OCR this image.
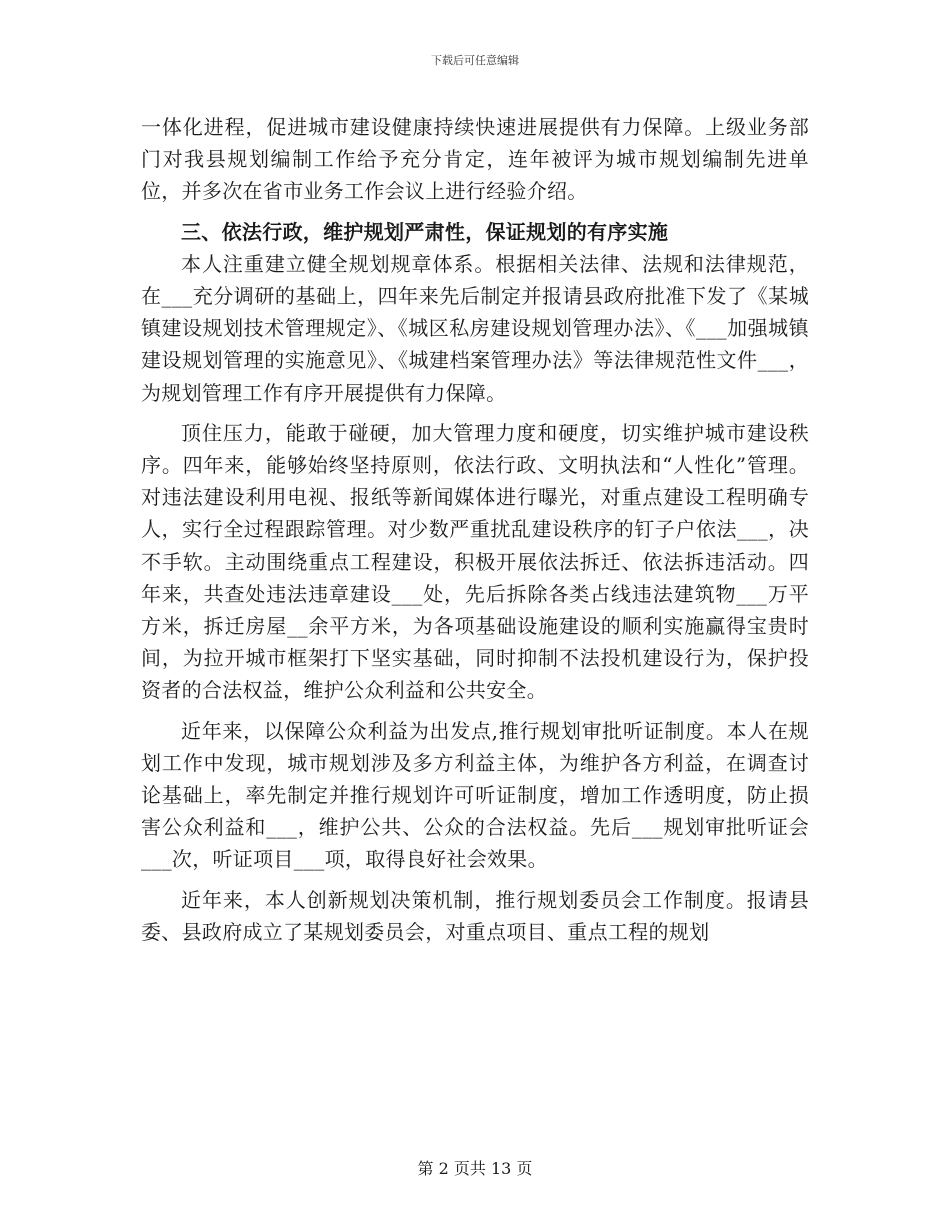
下载后可任意编辑

一体化进程，促进城市建设健康持续快速进展提供有力保障。上级业务部门对我县规划编制工作给予充分肯定，连年被评为城市规划编制先进单位，并多次在省市业务工作会议上进行经验介绍。

三、依法行政，维护规划严肃性，保证规划的有序实施

本人注重建立健全规划规章体系。根据相关法律、法规和法律规范，在___充分调研的基础上，四年来先后制定并报请县政府批准下发了《某城镇建设规划技术管理规定》、《城区私房建设规划管理办法》、《___加强城镇建设规划管理的实施意见》、《城建档案管理办法》等法律规范性文件___，为规划管理工作有序开展提供有力保障。

顶住压力，能敢于碰硬，加大管理力度和硬度，切实维护城市建设秩序。四年来，能够始终坚持原则，依法行政、文明执法和“人性化”管理。对违法建设利用电视、报纸等新闻媒体进行曝光，对重点建设工程明确专人，实行全过程跟踪管理。对少数严重扰乱建设秩序的钉子户依法___，决不手软。主动围绕重点工程建设，积极开展依法拆迁、依法拆违活动。四年来，共查处违法违章建设___处，先后拆除各类占线违法建筑物___万平方米，拆迁房屋__余平方米，为各项基础设施建设的顺利实施赢得宝贵时间，为拉开城市框架打下坚实基础，同时抑制不法投机建设行为，保护投资者的合法权益，维护公众利益和公共安全。

近年来，以保障公众利益为出发点,推行规划审批听证制度。本人在规划工作中发现，城市规划涉及多方利益主体，为维护各方利益，在调查讨论基础上，率先制定并推行规划许可听证制度，增加工作透明度，防止损害公众利益和___，维护公共、公众的合法权益。先后___规划审批听证会___次，听证项目___项，取得良好社会效果。

近年来，本人创新规划决策机制，推行规划委员会工作制度。报请县委、县政府成立了某规划委员会，对重点项目、重点工程的规划

第 2 页共 13 页
